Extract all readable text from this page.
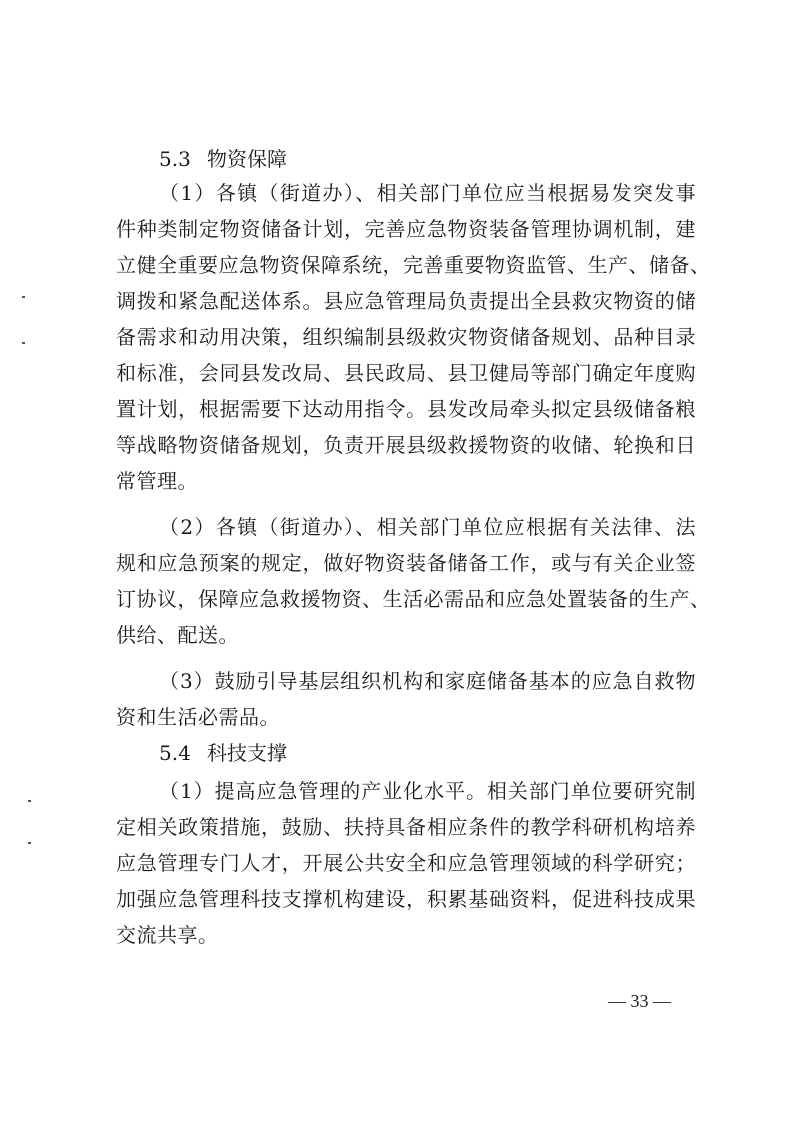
5.3 物资保障
（1）各镇（街道办）、相关部门单位应当根据易发突发事
件种类制定物资储备计划，完善应急物资装备管理协调机制，建
立健全重要应急物资保障系统，完善重要物资监管、生产、储备、
调拨和紧急配送体系。县应急管理局负责提出全县救灾物资的储
备需求和动用决策，组织编制县级救灾物资储备规划、品种目录
和标准，会同县发改局、县民政局、县卫健局等部门确定年度购
置计划，根据需要下达动用指令。县发改局牵头拟定县级储备粮
等战略物资储备规划，负责开展县级救援物资的收储、轮换和日
常管理。
（2）各镇（街道办）、相关部门单位应根据有关法律、法
规和应急预案的规定，做好物资装备储备工作，或与有关企业签
订协议，保障应急救援物资、生活必需品和应急处置装备的生产、
供给、配送。
（3）鼓励引导基层组织机构和家庭储备基本的应急自救物
资和生活必需品。
5.4 科技支撑
（1）提高应急管理的产业化水平。相关部门单位要研究制
定相关政策措施，鼓励、扶持具备相应条件的教学科研机构培养
应急管理专门人才，开展公共安全和应急管理领域的科学研究；
加强应急管理科技支撑机构建设，积累基础资料，促进科技成果
交流共享。
— 33 —
